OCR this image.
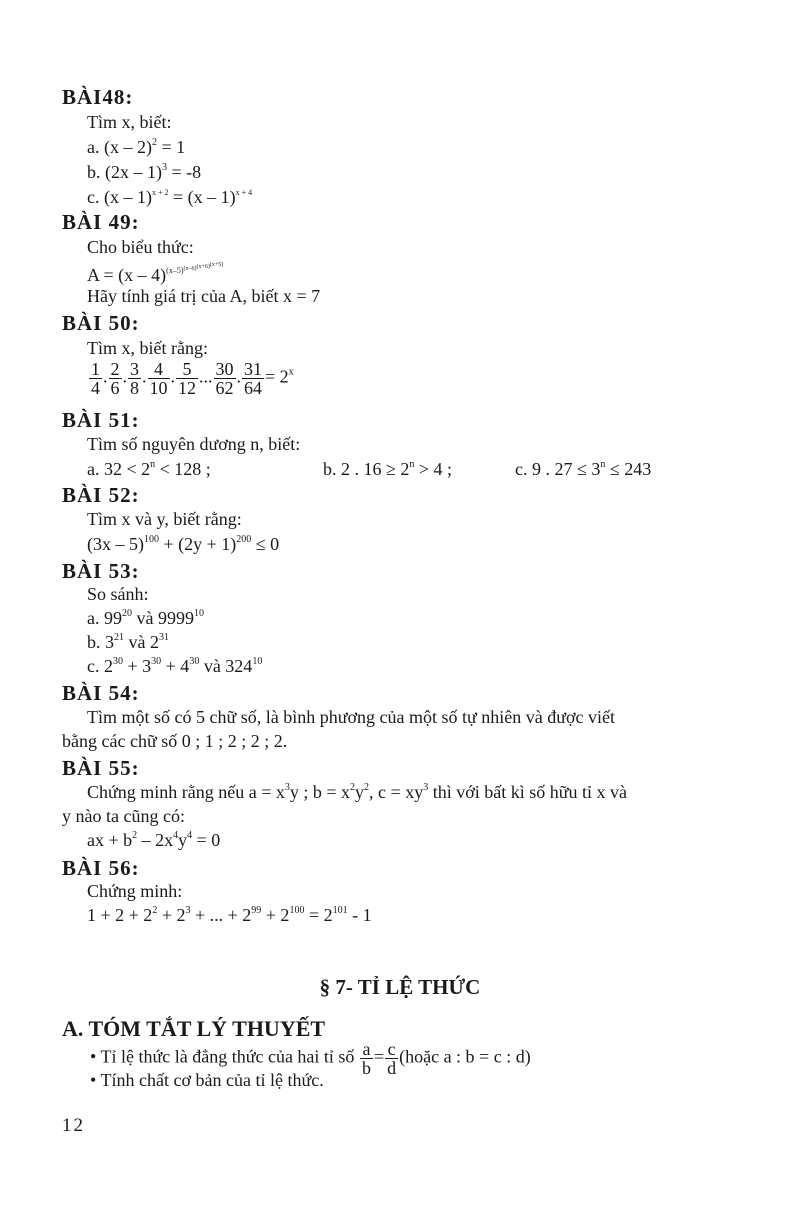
BÀI48:
Tìm x, biết:
a. (x – 2)$^2$ = 1
b. (2x – 1)$^3$ = -8
c. (x – 1)$^{x + 2}$ = (x – 1)$^{x + 4}$
BÀI 49:
Cho biểu thức:
A = (x – 4)$^{(x-5)(x-6)(x+6)(x+5)}$
Hãy tính giá trị của A, biết x = 7
BÀI 50:
Tìm x, biết rằng:
$\frac{1}{4}$ . $\frac{2}{6}$ . $\frac{3}{8}$ . $\frac{4}{10}$ . $\frac{5}{12}$ ... $\frac{30}{62}$ . $\frac{31}{64} = 2^x$
BÀI 51:
Tìm số nguyên dương n, biết:
a. $32 < 2^n < 128$ ;	b. 2 . $16 \ge 2^n > 4$ ;	c. 9 . $27 \le 3^n \le 243$
BÀI 52:
Tìm x và y, biết rằng:
$(3x - 5)^{100} + (2y + 1)^{200} \le 0$
BÀI 53:
So sánh:
a. $99^{20}$ và 9999$^{10}$
b. $3^{21}$ và $2^{31}$
c. $2^{30} + 3^{30} + 4^{30}$ và $324^{10}$
BÀI 54:
Tìm một số có 5 chữ số, là bình phương của một số tự nhiên và được viết
bằng các chữ số 0 ; 1 ; 2 ; 2 ; 2.
BÀI 55:
Chứng minh rằng nếu $a = x^3y$ ; $b = x^2y^2$, $c = xy^3$ thì với bất kì số hữu tỉ x và
y nào ta cũng có:
ax + $b^2 - 2x^4y^4 = 0$
BÀI 56:
Chứng minh:
$1 + 2 + 2^2 + 2^3$ + ... + $2^{99} + 2^{100} = 2^{101} - 1$
§ 7- TỈ LỆ THỨC
A. TÓM TẮT LÝ THUYẾT
• Tỉ lệ thức là đẳng thức của hai tỉ số $\frac{a}{b} = \frac{c}{d}$ (hoặc a : b = c : d)
• Tính chất cơ bản của tỉ lệ thức.
12
